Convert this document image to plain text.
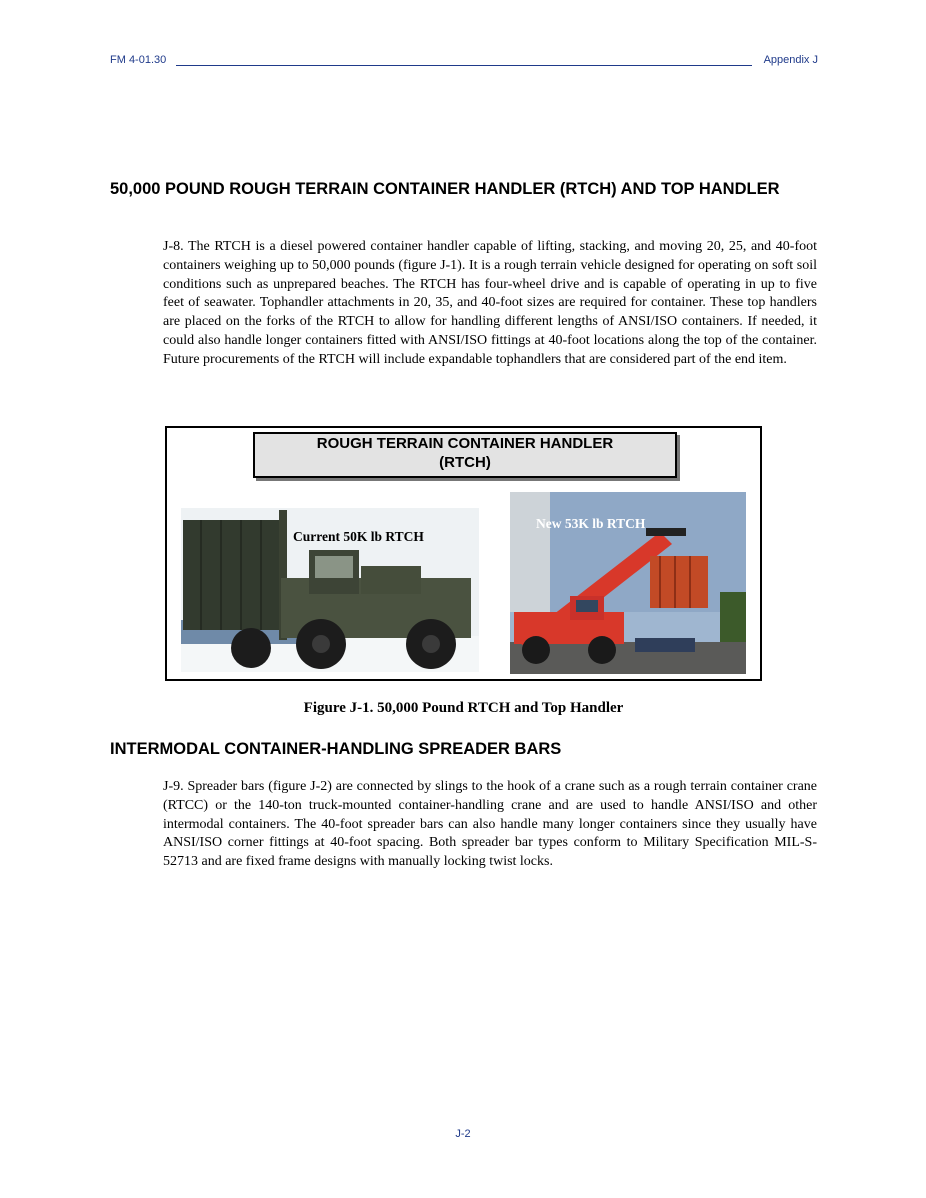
FM 4-01.30	Appendix J
50,000 POUND ROUGH TERRAIN CONTAINER HANDLER (RTCH) AND TOP HANDLER

J-8. The RTCH is a diesel powered container handler capable of lifting, stacking, and moving 20, 25, and 40-foot containers weighing up to 50,000 pounds (figure J-1). It is a rough terrain vehicle designed for operating on soft soil conditions such as unprepared beaches. The RTCH has four-wheel drive and is capable of operating in up to five feet of seawater. Tophandler attachments in 20, 35, and 40-foot sizes are required for container. These top handlers are placed on the forks of the RTCH to allow for handling different lengths of ANSI/ISO containers. If needed, it could also handle longer containers fitted with ANSI/ISO fittings at 40-foot locations along the top of the container. Future procurements of the RTCH will include expandable tophandlers that are considered part of the end item.

ROUGH TERRAIN CONTAINER HANDLER
(RTCH)
Current 50K lb RTCH
New 53K lb RTCH
Figure J-1. 50,000 Pound RTCH and Top Handler
INTERMODAL CONTAINER-HANDLING SPREADER BARS

J-9. Spreader bars (figure J-2) are connected by slings to the hook of a crane such as a rough terrain container crane (RTCC) or the 140-ton truck-mounted container-handling crane and are used to handle ANSI/ISO and other intermodal containers. The 40-foot spreader bars can also handle many longer containers since they usually have ANSI/ISO corner fittings at 40-foot spacing. Both spreader bar types conform to Military Specification MIL-S-52713 and are fixed frame designs with manually locking twist locks.

J-2
